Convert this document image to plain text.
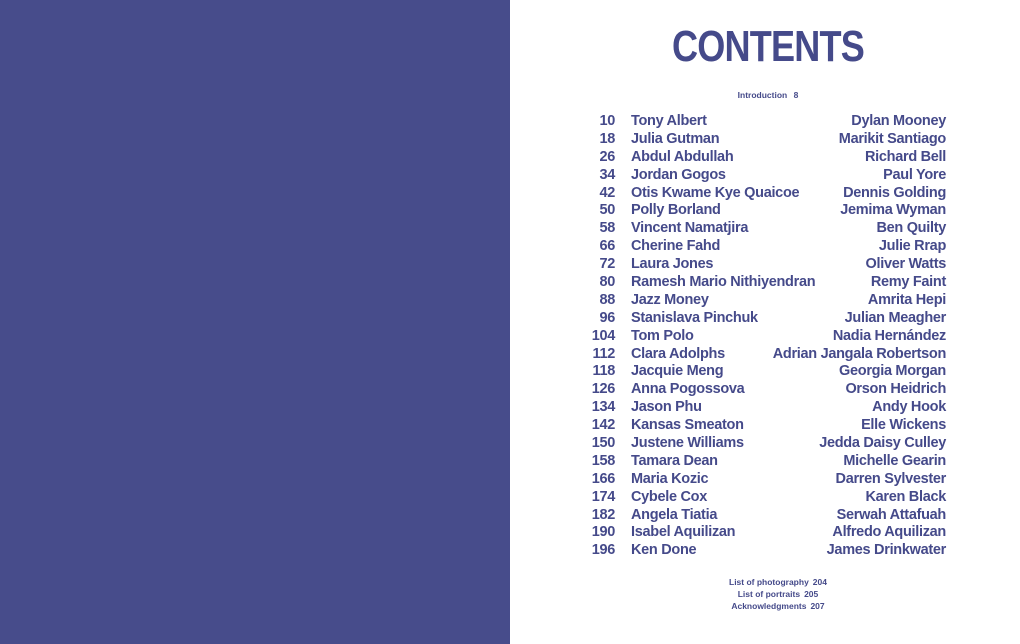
CONTENTS
Introduction 8
10 Tony Albert	Dylan Mooney
18 Julia Gutman	Marikit Santiago
26 Abdul Abdullah	Richard Bell
34 Jordan Gogos	Paul Yore
42 Otis Kwame Kye Quaicoe	Dennis Golding
50 Polly Borland	Jemima Wyman
58 Vincent Namatjira	Ben Quilty
66 Cherine Fahd	Julie Rrap
72 Laura Jones	Oliver Watts
80 Ramesh Mario Nithiyendran	Remy Faint
88 Jazz Money	Amrita Hepi
96 Stanislava Pinchuk	Julian Meagher
104 Tom Polo	Nadia Hernández
112 Clara Adolphs	Adrian Jangala Robertson
118 Jacquie Meng	Georgia Morgan
126 Anna Pogossova	Orson Heidrich
134 Jason Phu	Andy Hook
142 Kansas Smeaton	Elle Wickens
150 Justene Williams	Jedda Daisy Culley
158 Tamara Dean	Michelle Gearin
166 Maria Kozic	Darren Sylvester
174 Cybele Cox	Karen Black
182 Angela Tiatia	Serwah Attafuah
190 Isabel Aquilizan	Alfredo Aquilizan
196 Ken Done	James Drinkwater
List of photography 204
List of portraits 205
Acknowledgments 207
